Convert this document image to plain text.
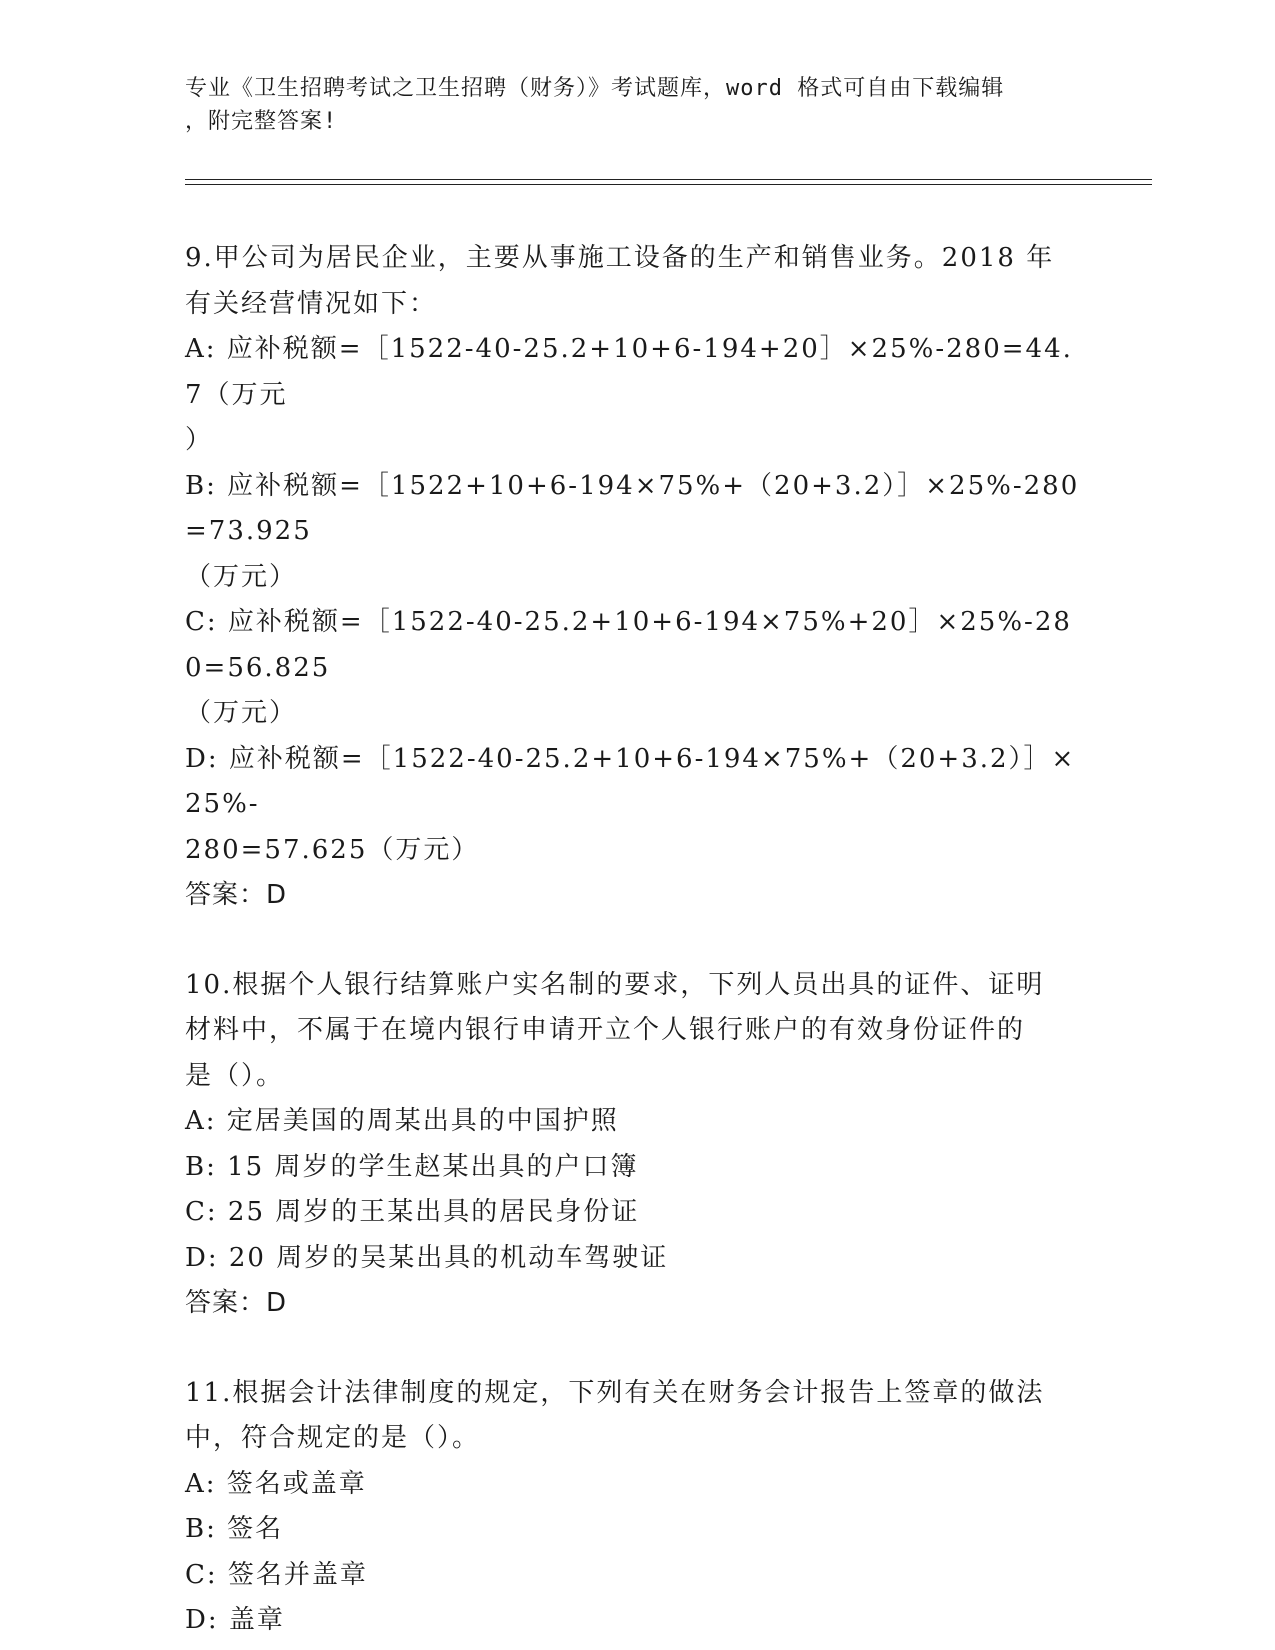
专业《卫生招聘考试之卫生招聘（财务）》考试题库，word 格式可自由下载编辑
，附完整答案!
9.甲公司为居民企业，主要从事施工设备的生产和销售业务。2018 年
有关经营情况如下：
A: 应补税额=［1522-40-25.2+10+6-194+20］×25%-280=44.7（万元
）
B: 应补税额=［1522+10+6-194×75%+（20+3.2）］×25%-280=73.925
（万元）
C: 应补税额=［1522-40-25.2+10+6-194×75%+20］×25%-280=56.825
（万元）
D: 应补税额=［1522-40-25.2+10+6-194×75%+（20+3.2）］×25%-
280=57.625（万元）
答案：D
10.根据个人银行结算账户实名制的要求，下列人员出具的证件、证明
材料中，不属于在境内银行申请开立个人银行账户的有效身份证件的
是（）。
A: 定居美国的周某出具的中国护照
B: 15 周岁的学生赵某出具的户口簿
C: 25 周岁的王某出具的居民身份证
D: 20 周岁的吴某出具的机动车驾驶证
答案：D
11.根据会计法律制度的规定，下列有关在财务会计报告上签章的做法
中，符合规定的是（）。
A: 签名或盖章
B: 签名
C: 签名并盖章
D: 盖章
